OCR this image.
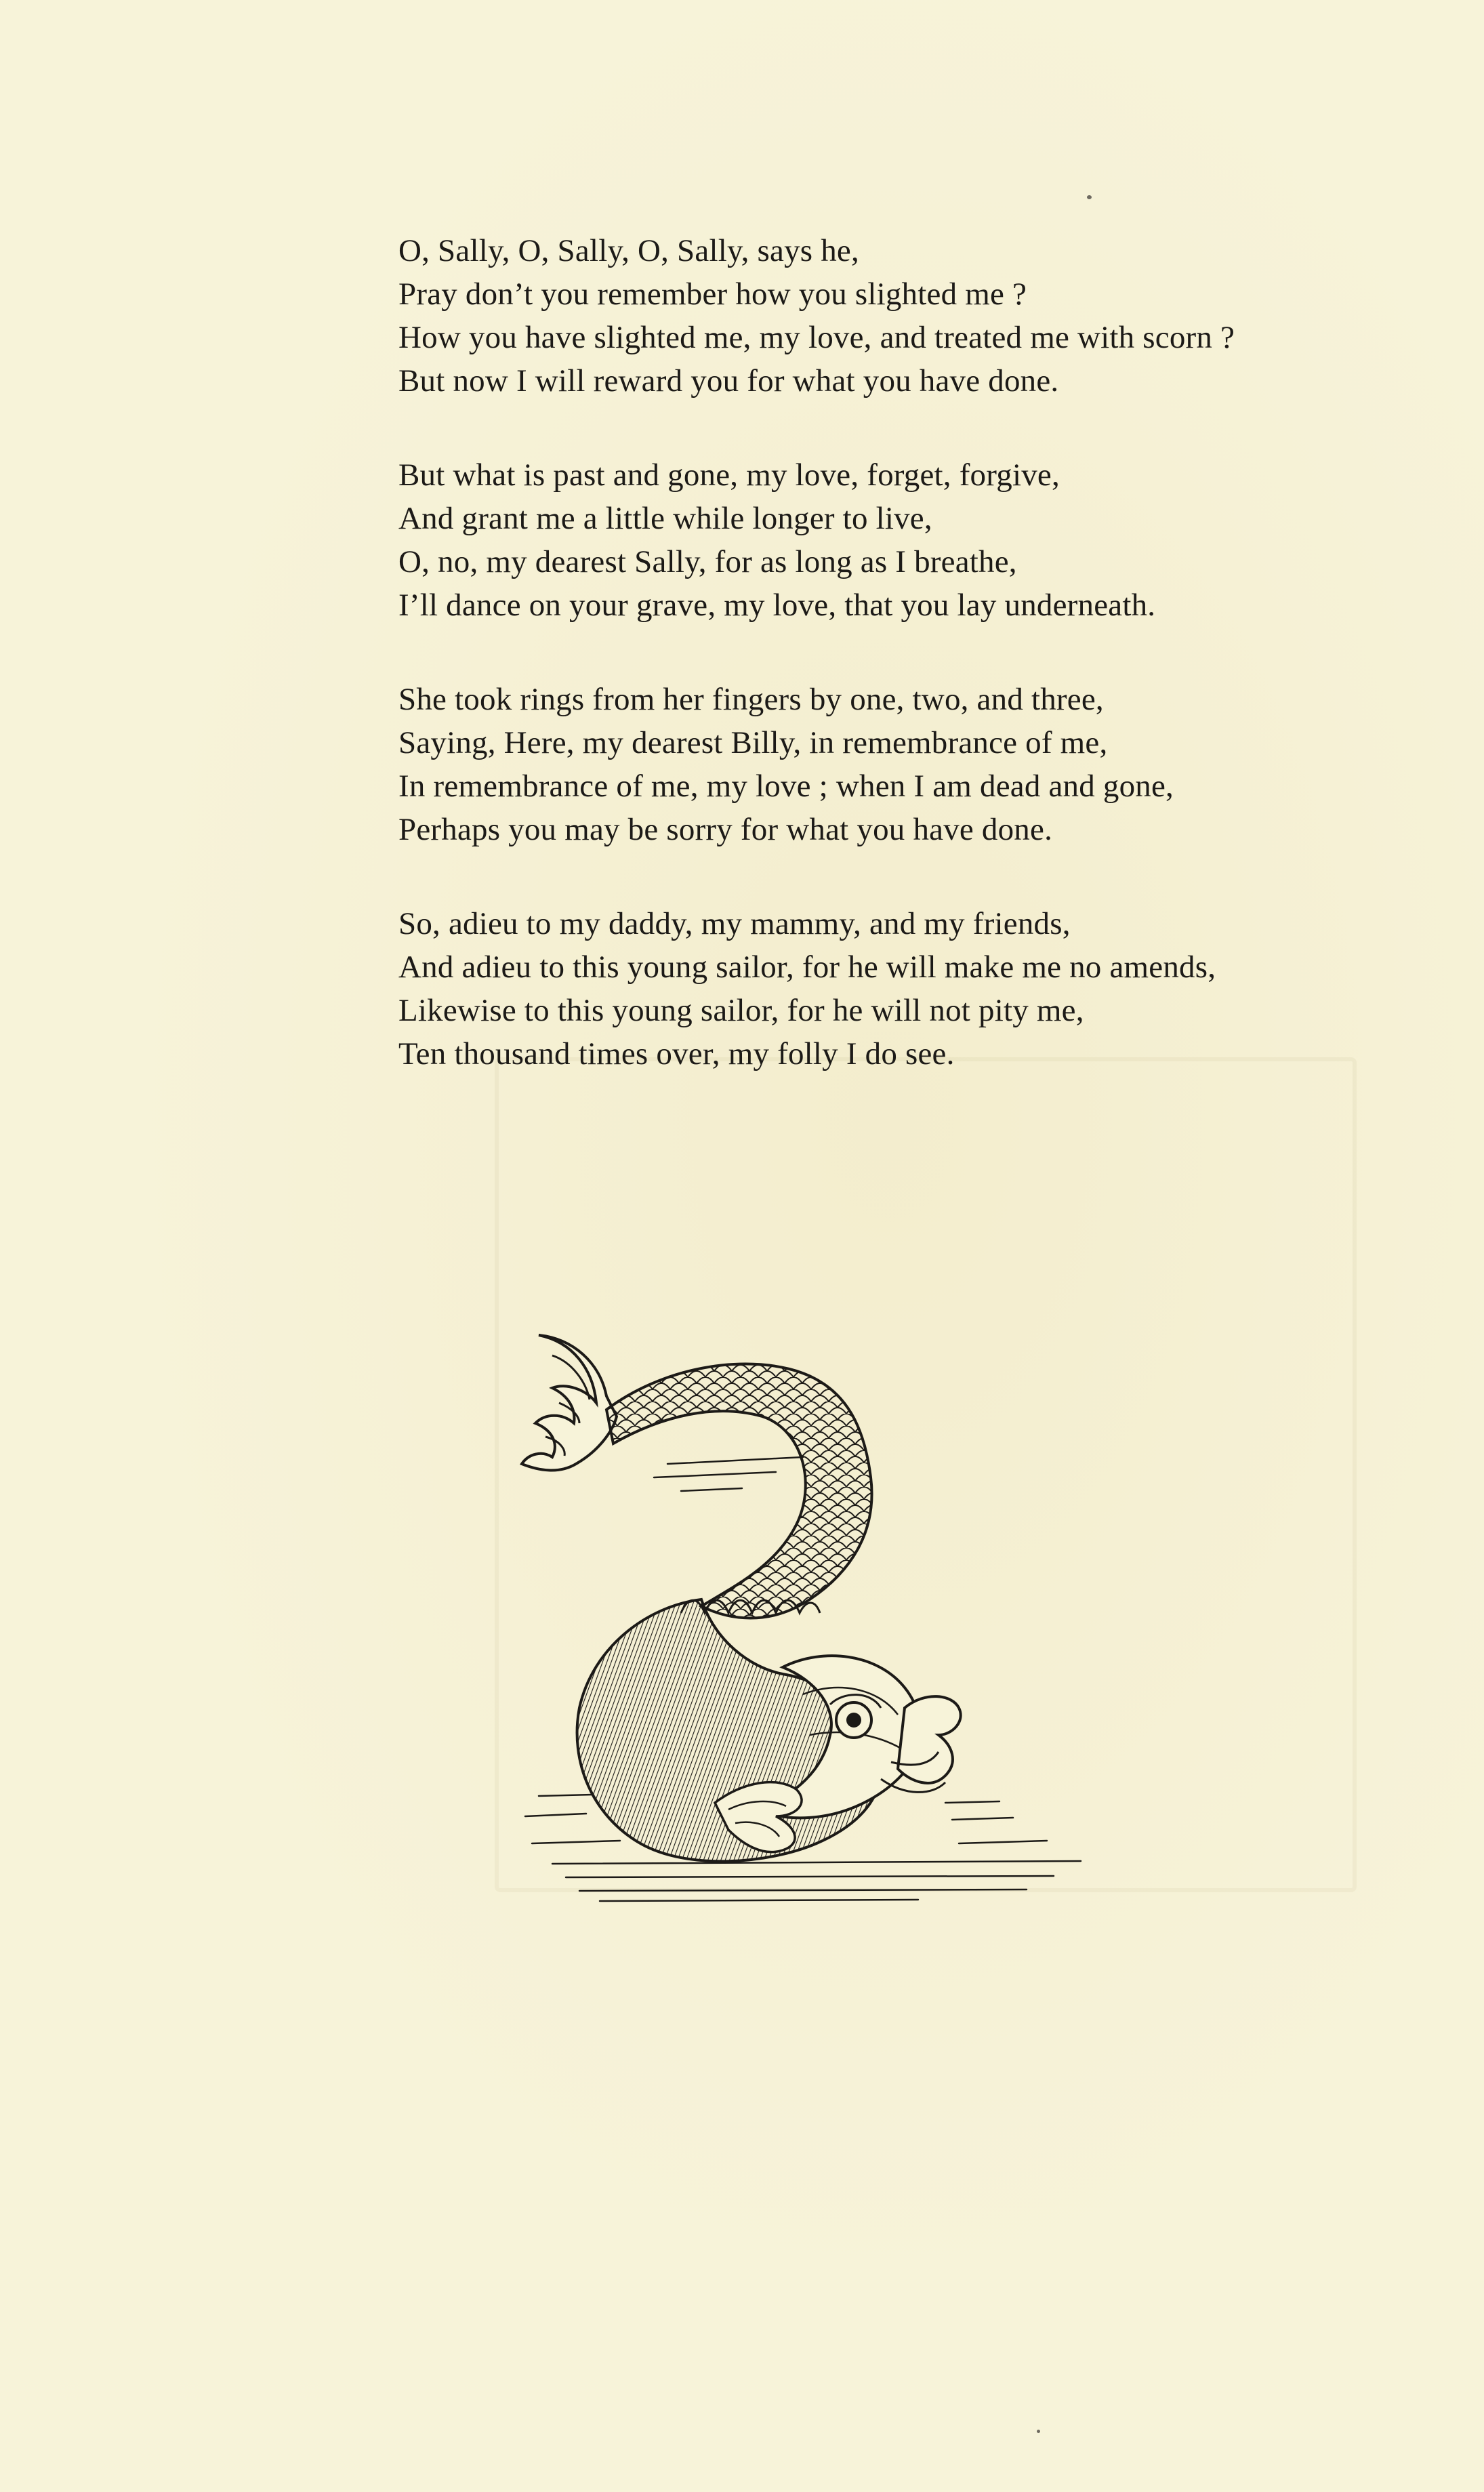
O, Sally, O, Sally, O, Sally, says he,
Pray don’t you remember how you slighted me ?
How you have slighted me, my love, and treated me with scorn ?
But now I will reward you for what you have done.
But what is past and gone, my love, forget, forgive,
And grant me a little while longer to live,
O, no, my dearest Sally, for as long as I breathe,
I’ll dance on your grave, my love, that you lay underneath.
She took rings from her fingers by one, two, and three,
Saying, Here, my dearest Billy, in remembrance of me,
In remembrance of me, my love ; when I am dead and gone,
Perhaps you may be sorry for what you have done.
So, adieu to my daddy, my mammy, and my friends,
And adieu to this young sailor, for he will make me no amends,
Likewise to this young sailor, for he will not pity me,
Ten thousand times over, my folly I do see.
